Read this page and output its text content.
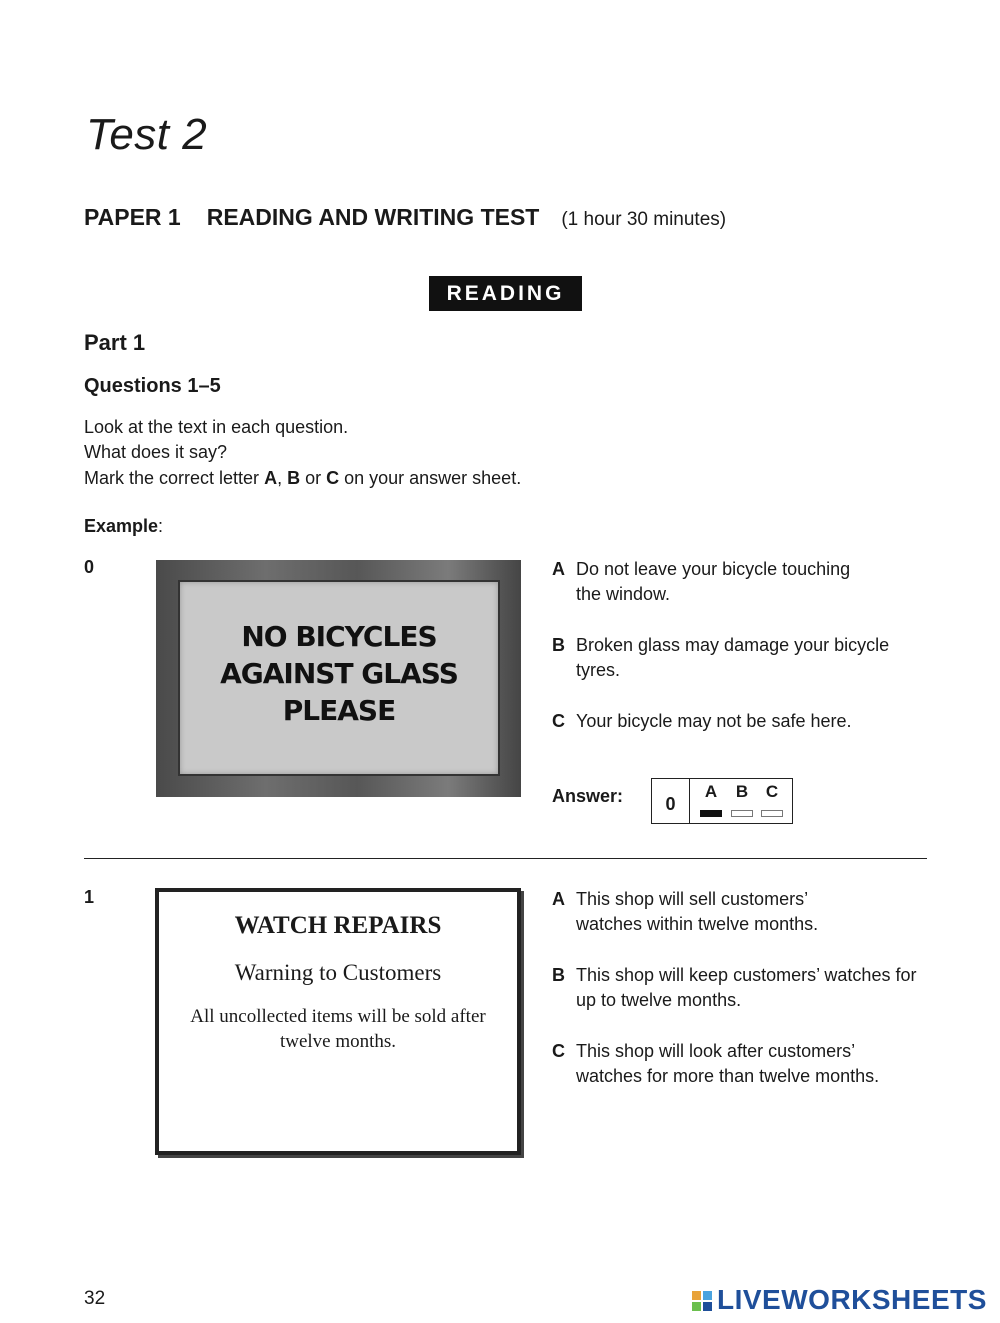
Test 2
PAPER 1 READING AND WRITING TEST (1 hour 30 minutes)
READING
Part 1
Questions 1–5
Look at the text in each question.
What does it say?
Mark the correct letter A, B or C on your answer sheet.
Example:
0
NO BICYCLES
AGAINST GLASS
PLEASE
A Do not leave your bicycle touching the window.
B Broken glass may damage your bicycle tyres.
C Your bicycle may not be safe here.
Answer:	0
A B C
1
WATCH REPAIRS
Warning to Customers
All uncollected items will be sold after twelve months.
A This shop will sell customers’ watches within twelve months.
B This shop will keep customers’ watches for up to twelve months.
C This shop will look after customers’ watches for more than twelve months.
32	LIVEWORKSHEETS
